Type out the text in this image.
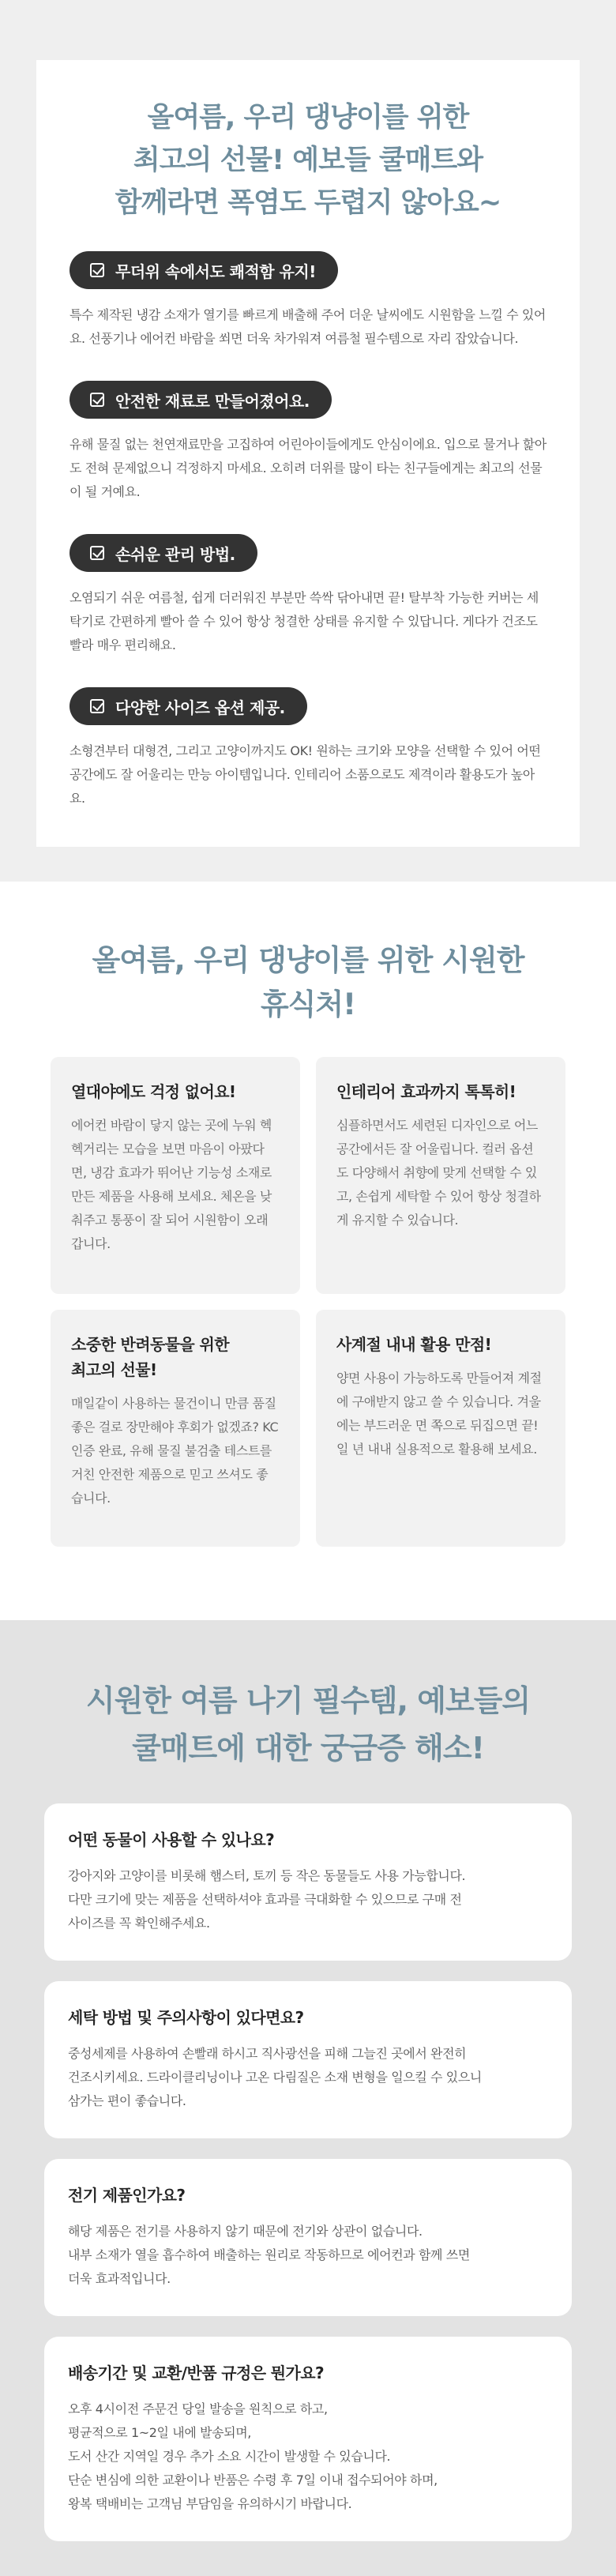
올여름, 우리 댕냥이를 위한
최고의 선물! 예보들 쿨매트와
함께라면 폭염도 두렵지 않아요~
무더위 속에서도 쾌적함 유지!

특수 제작된 냉감 소재가 열기를 빠르게 배출해 주어 더운 날씨에도 시원함을 느낄 수 있어요. 선풍기나 에어컨 바람을 쐬면 더욱 차가워져 여름철 필수템으로 자리 잡았습니다.

안전한 재료로 만들어졌어요.

유해 물질 없는 천연재료만을 고집하여 어린아이들에게도 안심이에요. 입으로 물거나 핥아도 전혀 문제없으니 걱정하지 마세요. 오히려 더위를 많이 타는 친구들에게는 최고의 선물이 될 거예요.

손쉬운 관리 방법.

오염되기 쉬운 여름철, 쉽게 더러워진 부분만 쓱싹 닦아내면 끝! 탈부착 가능한 커버는 세탁기로 간편하게 빨아 쓸 수 있어 항상 청결한 상태를 유지할 수 있답니다. 게다가 건조도 빨라 매우 편리해요.

다양한 사이즈 옵션 제공.

소형견부터 대형견, 그리고 고양이까지도 OK! 원하는 크기와 모양을 선택할 수 있어 어떤 공간에도 잘 어울리는 만능 아이템입니다. 인테리어 소품으로도 제격이라 활용도가 높아요.

올여름, 우리 댕냥이를 위한 시원한
휴식처!
열대야에도 걱정 없어요!
에어컨 바람이 닿지 않는 곳에 누워 헥헥거리는 모습을 보면 마음이 아팠다면, 냉감 효과가 뛰어난 기능성 소재로 만든 제품을 사용해 보세요. 체온을 낮춰주고 통풍이 잘 되어 시원함이 오래갑니다.
인테리어 효과까지 톡톡히!
심플하면서도 세련된 디자인으로 어느 공간에서든 잘 어울립니다. 컬러 옵션도 다양해서 취향에 맞게 선택할 수 있고, 손쉽게 세탁할 수 있어 항상 청결하게 유지할 수 있습니다.
소중한 반려동물을 위한
최고의 선물!
매일같이 사용하는 물건이니 만큼 품질 좋은 걸로 장만해야 후회가 없겠죠? KC 인증 완료, 유해 물질 불검출 테스트를 거친 안전한 제품으로 믿고 쓰셔도 좋습니다.
사계절 내내 활용 만점!
양면 사용이 가능하도록 만들어져 계절에 구애받지 않고 쓸 수 있습니다. 겨울에는 부드러운 면 쪽으로 뒤집으면 끝! 일 년 내내 실용적으로 활용해 보세요.
시원한 여름 나기 필수템, 예보들의
쿨매트에 대한 궁금증 해소!
어떤 동물이 사용할 수 있나요?
강아지와 고양이를 비롯해 햄스터, 토끼 등 작은 동물들도 사용 가능합니다.
다만 크기에 맞는 제품을 선택하셔야 효과를 극대화할 수 있으므로 구매 전
사이즈를 꼭 확인해주세요.
세탁 방법 및 주의사항이 있다면요?
중성세제를 사용하여 손빨래 하시고 직사광선을 피해 그늘진 곳에서 완전히
건조시키세요. 드라이클리닝이나 고온 다림질은 소재 변형을 일으킬 수 있으니
삼가는 편이 좋습니다.
전기 제품인가요?
해당 제품은 전기를 사용하지 않기 때문에 전기와 상관이 없습니다.
내부 소재가 열을 흡수하여 배출하는 원리로 작동하므로 에어컨과 함께 쓰면
더욱 효과적입니다.
배송기간 및 교환/반품 규정은 뭔가요?
오후 4시이전 주문건 당일 발송을 원칙으로 하고,
평균적으로 1~2일 내에 발송되며,
도서 산간 지역일 경우 추가 소요 시간이 발생할 수 있습니다.
단순 변심에 의한 교환이나 반품은 수령 후 7일 이내 접수되어야 하며,
왕복 택배비는 고객님 부담임을 유의하시기 바랍니다.
